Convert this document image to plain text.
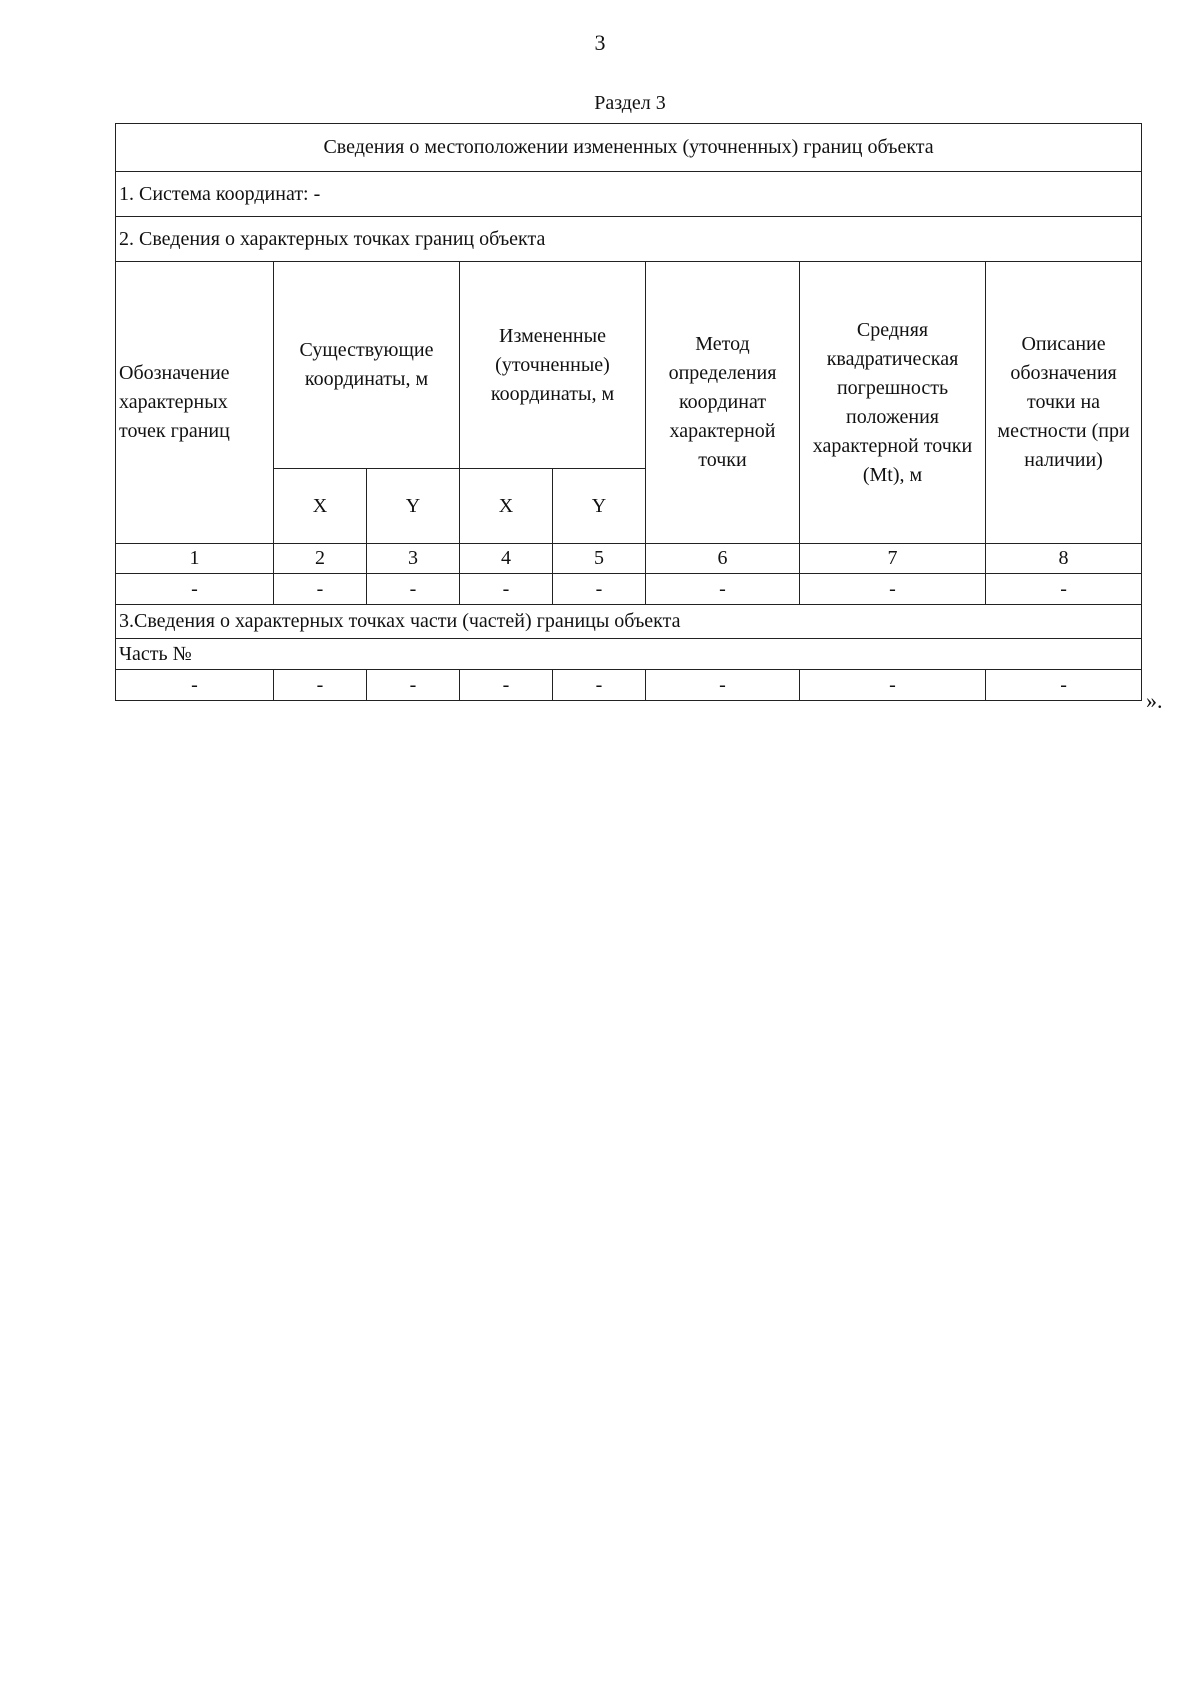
3
Раздел 3
Сведения о местоположении измененных (уточненных) границ объекта							
1. Система координат: -							
2. Сведения о характерных точках границ объекта							
Обозначение характерных точек границ	Существующие координаты, м		Измененные (уточненные) координаты, м		Метод определения координат характерной точки	Средняя квадратическая погрешность положения характерной точки (Mt), м	Описание обозначения точки на местности (при наличии)
	X	Y	X	Y			
1	2	3	4	5	6	7	8
-	-	-	-	-	-	-	-
3.Сведения о характерных точках части (частей) границы объекта							
Часть №							
-	-	-	-	-	-	-	-
».
